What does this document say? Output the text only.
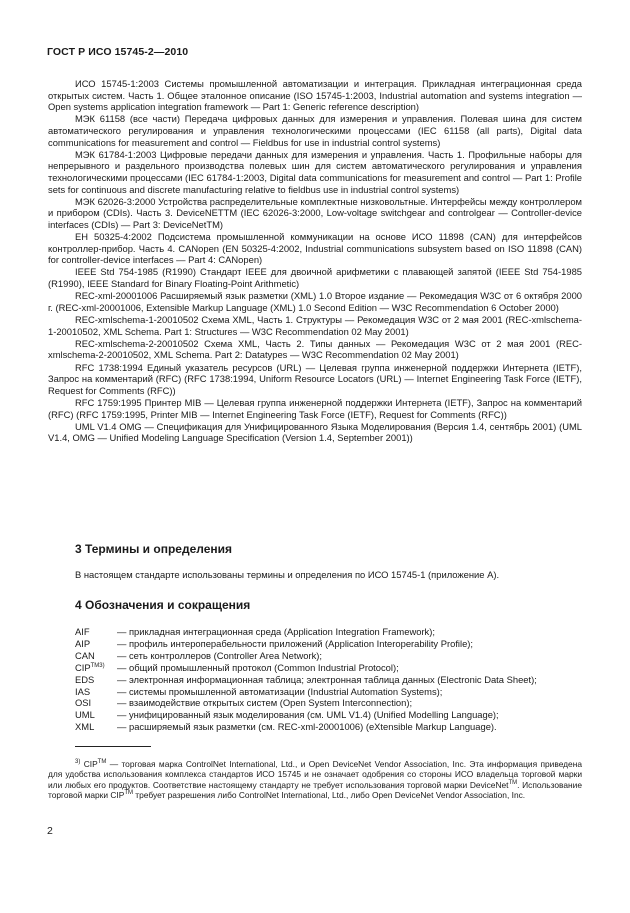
ГОСТ Р ИСО 15745-2—2010

ИСО 15745-1:2003 Системы промышленной автоматизации и интеграция. Прикладная интеграционная среда открытых систем. Часть 1. Общее эталонное описание (ISO 15745-1:2003, Industrial automation and systems integration — Open systems application integration framework — Part 1: Generic reference description)

МЭК 61158 (все части) Передача цифровых данных для измерения и управления. Полевая шина для систем автоматического регулирования и управления технологическими процессами (IEC 61158 (all parts), Digital data communications for measurement and control — Fieldbus for use in industrial control systems)

МЭК 61784-1:2003 Цифровые передачи данных для измерения и управления. Часть 1. Профильные наборы для непрерывного и раздельного производства полевых шин для систем автоматического регулирования и управления технологическими процессами (IEC 61784-1:2003, Digital data communications for measurement and control — Part 1: Profile sets for continuous and discrete manufacturing relative to fieldbus use in industrial control systems)

МЭК 62026-3:2000 Устройства распределительные комплектные низковольтные. Интерфейсы между контроллером и прибором (CDIs). Часть 3. DeviceNETTM (IEC 62026-3:2000, Low-voltage switchgear and controlgear — Controller-device interfaces (CDIs) — Part 3: DeviceNetTM)

ЕН 50325-4:2002 Подсистема промышленной коммуникации на основе ИСО 11898 (CAN) для интерфейсов контроллер-прибор. Часть 4. CANopen (EN 50325-4:2002, Industrial communications subsystem based on ISO 11898 (CAN) for controller-device interfaces — Part 4: CANopen)

IEEE Std 754-1985 (R1990) Стандарт IEEE для двоичной арифметики с плавающей запятой (IEEE Std 754-1985 (R1990), IEEE Standard for Binary Floating-Point Arithmetic)

REC-xml-20001006 Расширяемый язык разметки (XML) 1.0 Второе издание — Рекомедация W3C от 6 октября 2000 г. (REC-xml-20001006, Extensible Markup Language (XML) 1.0 Second Edition — W3C Recommendation 6 October 2000)

REC-xmlschema-1-20010502 Схема XML, Часть 1. Структуры — Рекомедация W3C от 2 мая 2001 (REC-xmlschema-1-20010502, XML Schema. Part 1: Structures — W3C Recommendation 02 May 2001)

REC-xmlschema-2-20010502 Схема XML, Часть 2. Типы данных — Рекомедация W3C от 2 мая 2001 (REC-xmlschema-2-20010502, XML Schema. Part 2: Datatypes — W3C Recommendation 02 May 2001)

RFC 1738:1994 Единый указатель ресурсов (URL) — Целевая группа инженерной поддержки Интернета (IETF), Запрос на комментарий (RFC) (RFC 1738:1994, Uniform Resource Locators (URL) — Internet Engineering Task Force (IETF), Request for Comments (RFC))

RFC 1759:1995 Принтер MIB — Целевая группа инженерной поддержки Интернета (IETF), Запрос на комментарий (RFC) (RFC 1759:1995, Printer MIB — Internet Engineering Task Force (IETF), Request for Comments (RFC))

UML V1.4 OMG — Спецификация для Унифицированного Языка Моделирования (Версия 1.4, сентябрь 2001) (UML V1.4, OMG — Unified Modeling Language Specification (Version 1.4, September 2001))

3 Термины и определения
В настоящем стандарте использованы термины и определения по ИСО 15745-1 (приложение А).
4 Обозначения и сокращения
AIF	— прикладная интеграционная среда (Application Integration Framework);
AIP	— профиль интероперабельности приложений (Application Interoperability Profile);
CAN	— сеть контроллеров (Controller Area Network);
$CIP^{TM3)}$	— общий промышленный протокол (Common Industrial Protocol);
EDS	— электронная информационная таблица; электронная таблица данных (Electronic Data Sheet);
IAS	— системы промышленной автоматизации (Industrial Automation Systems);
OSI	— взаимодействие открытых систем (Open System Interconnection);
UML	— унифицированный язык моделирования (см. UML V1.4) (Unified Modelling Language);
XML	— расширяемый язык разметки (см. REC-xml-20001006) (eXtensible Markup Language).

$^{3)}$ CIP™ — торговая марка ControlNet International, Ltd., и Open DeviceNet Vendor Association, Inc. Эта информация приведена для удобства использования комплекса стандартов ИСО 15745 и не означает одобрения со стороны ИСО владельца торговой марки или любых его продуктов. Соответствие настоящему стандарту не требует использования торговой марки DeviceNet™. Использование торговой марки CIP™ требует разрешения либо ControlNet International, Ltd., либо Open DeviceNet Vendor Association, Inc.

2
